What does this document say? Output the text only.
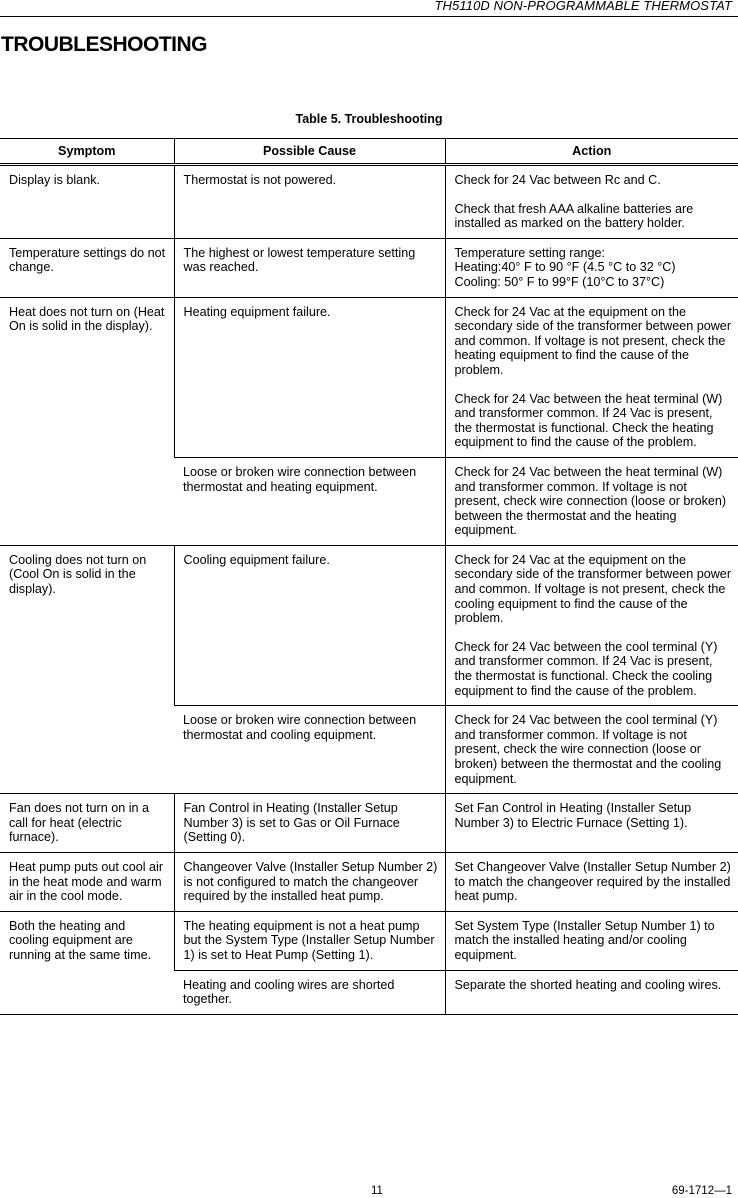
TH5110D NON-PROGRAMMABLE THERMOSTAT
TROUBLESHOOTING
Table 5. Troubleshooting
Symptom	Possible Cause	Action
Display is blank.	Thermostat is not powered.	Check for 24 Vac between Rc and C.
Check that fresh AAA alkaline batteries are installed as marked on the battery holder.

Temperature settings do not change.	The highest or lowest temperature setting was reached.	Temperature setting range:
Heating:40° F to 90 °F (4.5 °C to 32 °C)
Cooling: 50° F to 99°F (10°C to 37°C)

Heat does not turn on (Heat On is solid in the display).	Heating equipment failure.	Check for 24 Vac at the equipment on the secondary side of the transformer between power and common. If voltage is not present, check the heating equipment to find the cause of the problem.
Check for 24 Vac between the heat terminal (W) and transformer common. If 24 Vac is present, the thermostat is functional. Check the heating equipment to find the cause of the problem.

	Loose or broken wire connection between thermostat and heating equipment.	Check for 24 Vac between the heat terminal (W) and transformer common. If voltage is not present, check wire connection (loose or broken) between the thermostat and the heating equipment.

Cooling does not turn on (Cool On is solid in the display).	Cooling equipment failure.	Check for 24 Vac at the equipment on the secondary side of the transformer between power and common. If voltage is not present, check the cooling equipment to find the cause of the problem.
Check for 24 Vac between the cool terminal (Y) and transformer common. If 24 Vac is present, the thermostat is functional. Check the cooling equipment to find the cause of the problem.

	Loose or broken wire connection between thermostat and cooling equipment.	Check for 24 Vac between the cool terminal (Y) and transformer common. If voltage is not present, check the wire connection (loose or broken) between the thermostat and the cooling equipment.

Fan does not turn on in a call for heat (electric furnace).	Fan Control in Heating (Installer Setup Number 3) is set to Gas or Oil Furnace (Setting 0).	Set Fan Control in Heating (Installer Setup Number 3) to Electric Furnace (Setting 1).

Heat pump puts out cool air in the heat mode and warm air in the cool mode.	Changeover Valve (Installer Setup Number 2) is not configured to match the changeover required by the installed heat pump.	Set Changeover Valve (Installer Setup Number 2) to match the changeover required by the installed heat pump.

Both the heating and cooling equipment are running at the same time.	The heating equipment is not a heat pump but the System Type (Installer Setup Number 1) is set to Heat Pump (Setting 1).	Set System Type (Installer Setup Number 1) to match the installed heating and/or cooling equipment.

	Heating and cooling wires are shorted together.	Separate the shorted heating and cooling wires.
11	69-1712—1
